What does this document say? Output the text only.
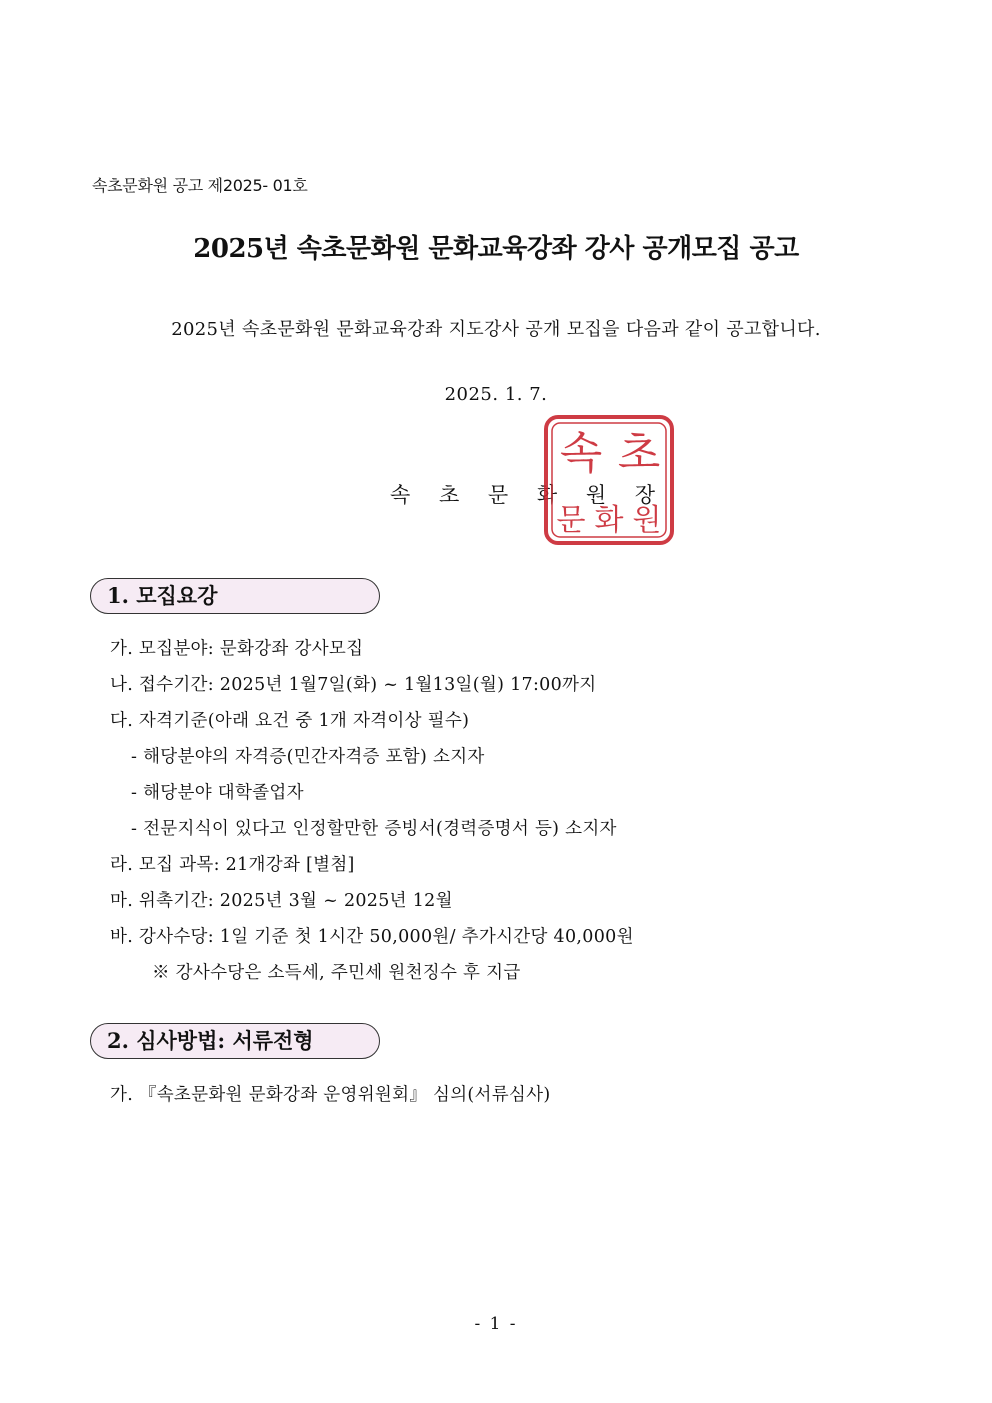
속초문화원 공고 제2025- 01호
2025년 속초문화원 문화교육강좌 강사 공개모집 공고
2025년 속초문화원 문화교육강좌 지도강사 공개 모집을 다음과 같이 공고합니다.
2025. 1. 7.
속 초 문 화 원 장
속 초
문 화 원
1. 모집요강
가. 모집분야: 문화강좌 강사모집
나. 접수기간: 2025년 1월7일(화) ~ 1월13일(월) 17:00까지
다. 자격기준(아래 요건 중 1개 자격이상 필수)
- 해당분야의 자격증(민간자격증 포함) 소지자
- 해당분야 대학졸업자
- 전문지식이 있다고 인정할만한 증빙서(경력증명서 등) 소지자
라. 모집 과목: 21개강좌 [별첨]
마. 위촉기간: 2025년 3월 ~ 2025년 12월
바. 강사수당: 1일 기준 첫 1시간 50,000원/ 추가시간당 40,000원
※ 강사수당은 소득세, 주민세 원천징수 후 지급
2. 심사방법: 서류전형
가. 『속초문화원 문화강좌 운영위원회』 심의(서류심사)
- 1 -
